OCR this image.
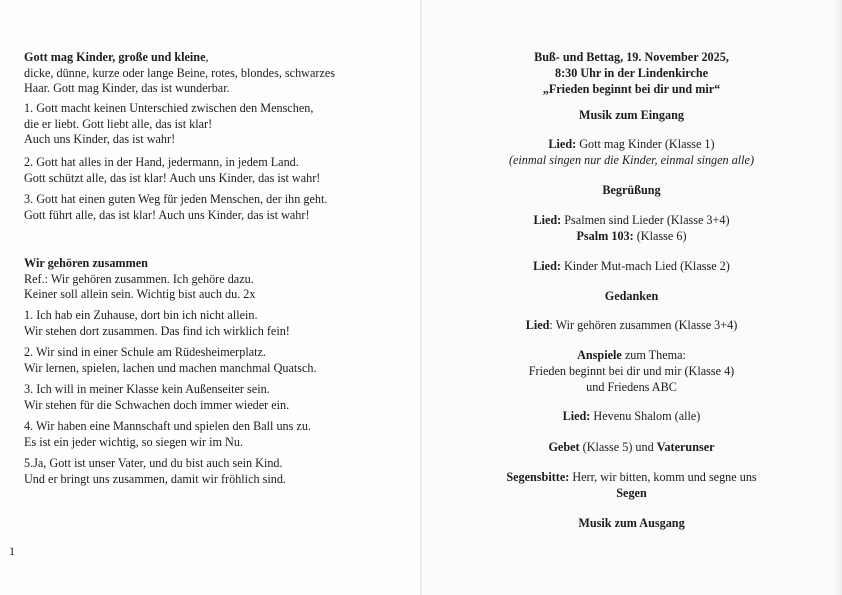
Gott mag Kinder, große und kleine,

dicke, dünne, kurze oder lange Beine, rotes, blondes, schwarzes

Haar. Gott mag Kinder, das ist wunderbar.

1. Gott macht keinen Unterschied zwischen den Menschen,

die er liebt. Gott liebt alle, das ist klar!

Auch uns Kinder, das ist wahr!

2. Gott hat alles in der Hand, jedermann, in jedem Land.

Gott schützt alle, das ist klar! Auch uns Kinder, das ist wahr!

3. Gott hat einen guten Weg für jeden Menschen, der ihn geht.

Gott führt alle, das ist klar! Auch uns Kinder, das ist wahr!

Wir gehören zusammen

Ref.: Wir gehören zusammen. Ich gehöre dazu.

Keiner soll allein sein. Wichtig bist auch du. 2x

1. Ich hab ein Zuhause, dort bin ich nicht allein.

Wir stehen dort zusammen. Das find ich wirklich fein!

2. Wir sind in einer Schule am Rüdesheimerplatz.

Wir lernen, spielen, lachen und machen manchmal Quatsch.

3. Ich will in meiner Klasse kein Außenseiter sein.

Wir stehen für die Schwachen doch immer wieder ein.

4. Wir haben eine Mannschaft und spielen den Ball uns zu.

Es ist ein jeder wichtig, so siegen wir im Nu.

5.Ja, Gott ist unser Vater, und du bist auch sein Kind.

Und er bringt uns zusammen, damit wir fröhlich sind.

1
Buß- und Bettag, 19. November 2025,
8:30 Uhr in der Lindenkirche
„Frieden beginnt bei dir und mir“
Musik zum Eingang
Lied: Gott mag Kinder (Klasse 1)
(einmal singen nur die Kinder, einmal singen alle)
Begrüßung
Lied: Psalmen sind Lieder (Klasse 3+4)
Psalm 103: (Klasse 6)
Lied: Kinder Mut-mach Lied (Klasse 2)
Gedanken
Lied: Wir gehören zusammen (Klasse 3+4)
Anspiele zum Thema:
Frieden beginnt bei dir und mir (Klasse 4)
und Friedens ABC
Lied: Hevenu Shalom (alle)
Gebet (Klasse 5) und Vaterunser
Segensbitte: Herr, wir bitten, komm und segne uns
Segen
Musik zum Ausgang
